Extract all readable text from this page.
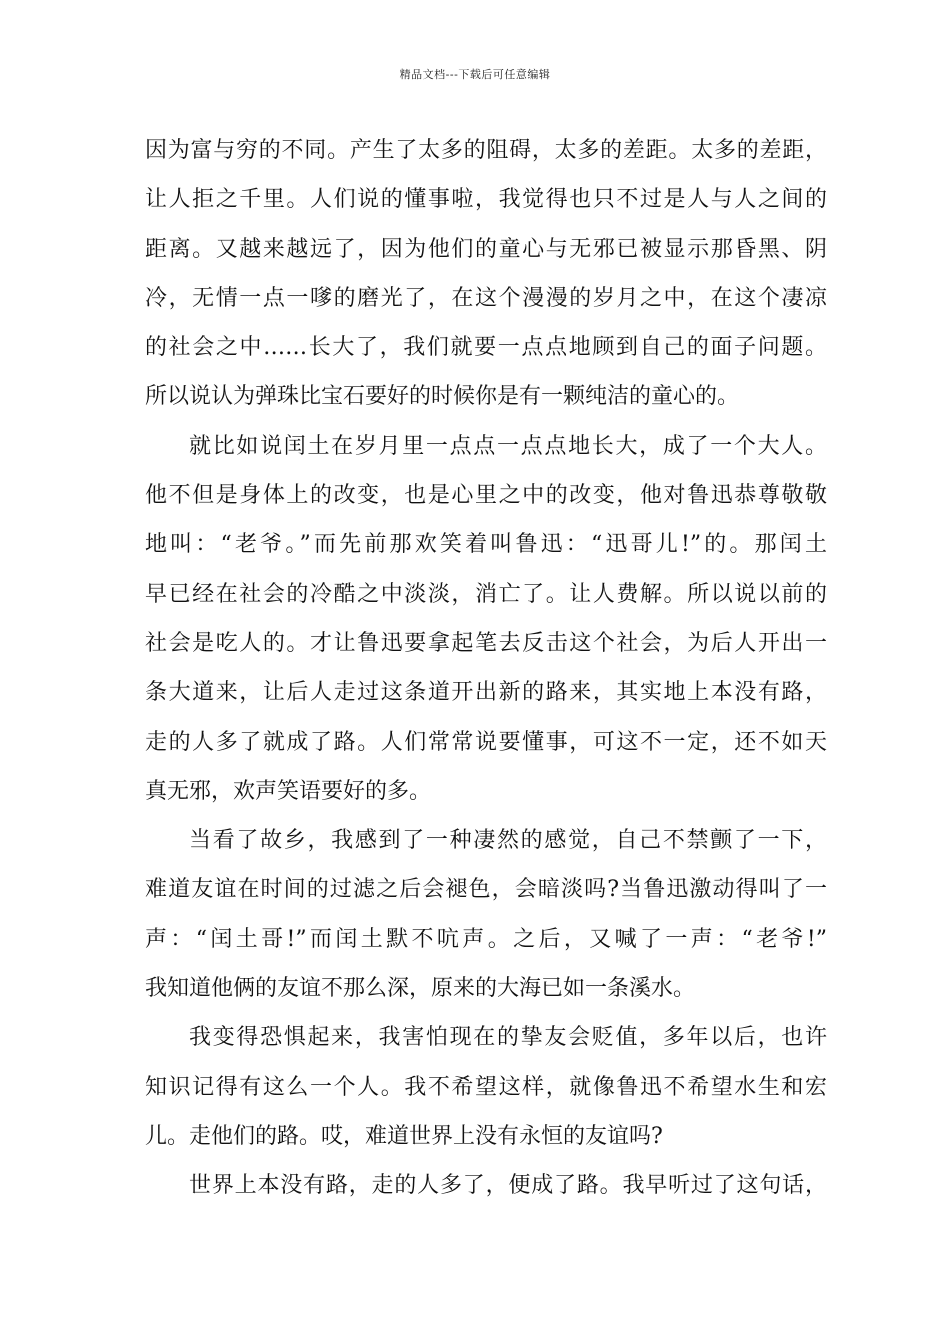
精品文档---下载后可任意编辑
因为富与穷的不同。产生了太多的阻碍，太多的差距。太多的差距，
让人拒之千里。人们说的懂事啦，我觉得也只不过是人与人之间的
距离。又越来越远了，因为他们的童心与无邪已被显示那昏黑、阴
冷，无情一点一嗲的磨光了，在这个漫漫的岁月之中，在这个凄凉
的社会之中……长大了，我们就要一点点地顾到自己的面子问题。
所以说认为弹珠比宝石要好的时候你是有一颗纯洁的童心的。
就比如说闰土在岁月里一点点一点点地长大，成了一个大人。
他不但是身体上的改变，也是心里之中的改变，他对鲁迅恭尊敬敬
地叫：“老爷。”而先前那欢笑着叫鲁迅：“迅哥儿!”的。那闰土
早已经在社会的冷酷之中淡淡，消亡了。让人费解。所以说以前的
社会是吃人的。才让鲁迅要拿起笔去反击这个社会，为后人开出一
条大道来，让后人走过这条道开出新的路来，其实地上本没有路，
走的人多了就成了路。人们常常说要懂事，可这不一定，还不如天
真无邪，欢声笑语要好的多。
当看了故乡，我感到了一种凄然的感觉，自己不禁颤了一下，
难道友谊在时间的过滤之后会褪色，会暗淡吗?当鲁迅激动得叫了一
声：“闰土哥!”而闰土默不吭声。之后，又喊了一声：“老爷!”
我知道他俩的友谊不那么深，原来的大海已如一条溪水。
我变得恐惧起来，我害怕现在的挚友会贬值，多年以后，也许
知识记得有这么一个人。我不希望这样，就像鲁迅不希望水生和宏
儿。走他们的路。哎，难道世界上没有永恒的友谊吗?
世界上本没有路，走的人多了，便成了路。我早听过了这句话，
